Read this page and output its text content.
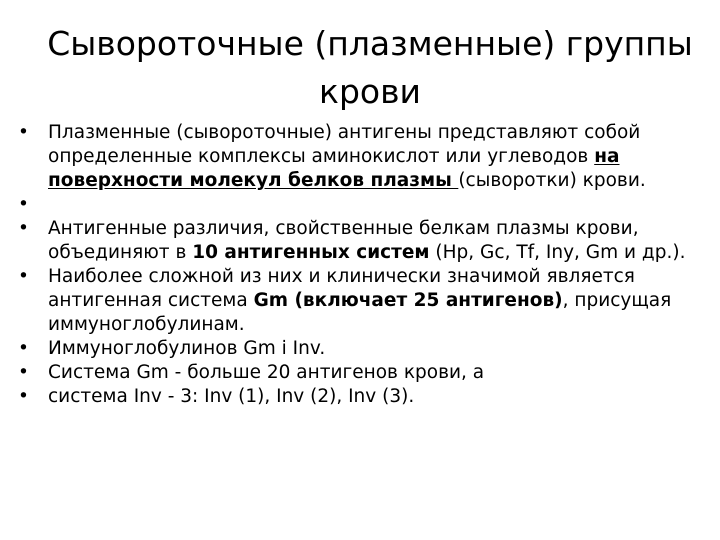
Сывороточные (плазменные) группы
крови
• Плазменные (сывороточные) антигены представляют собой определенные комплексы аминокислот или углеводов на поверхности молекул белков плазмы (сыворотки) крови.
•
• Антигенные различия, свойственные белкам плазмы крови, объединяют в 10 антигенных систем (Hp, Gc, Tf, Iny, Gm и др.).
• Наиболее сложной из них и клинически значимой является антигенная система Gm (включает 25 антигенов), присущая иммуноглобулинам.
• Иммуноглобулинов Gm і Inv.
• Система Gm - больше 20 антигенов крови, а
• система Inv - 3: Inv (1), Inv (2), Inv (3).
